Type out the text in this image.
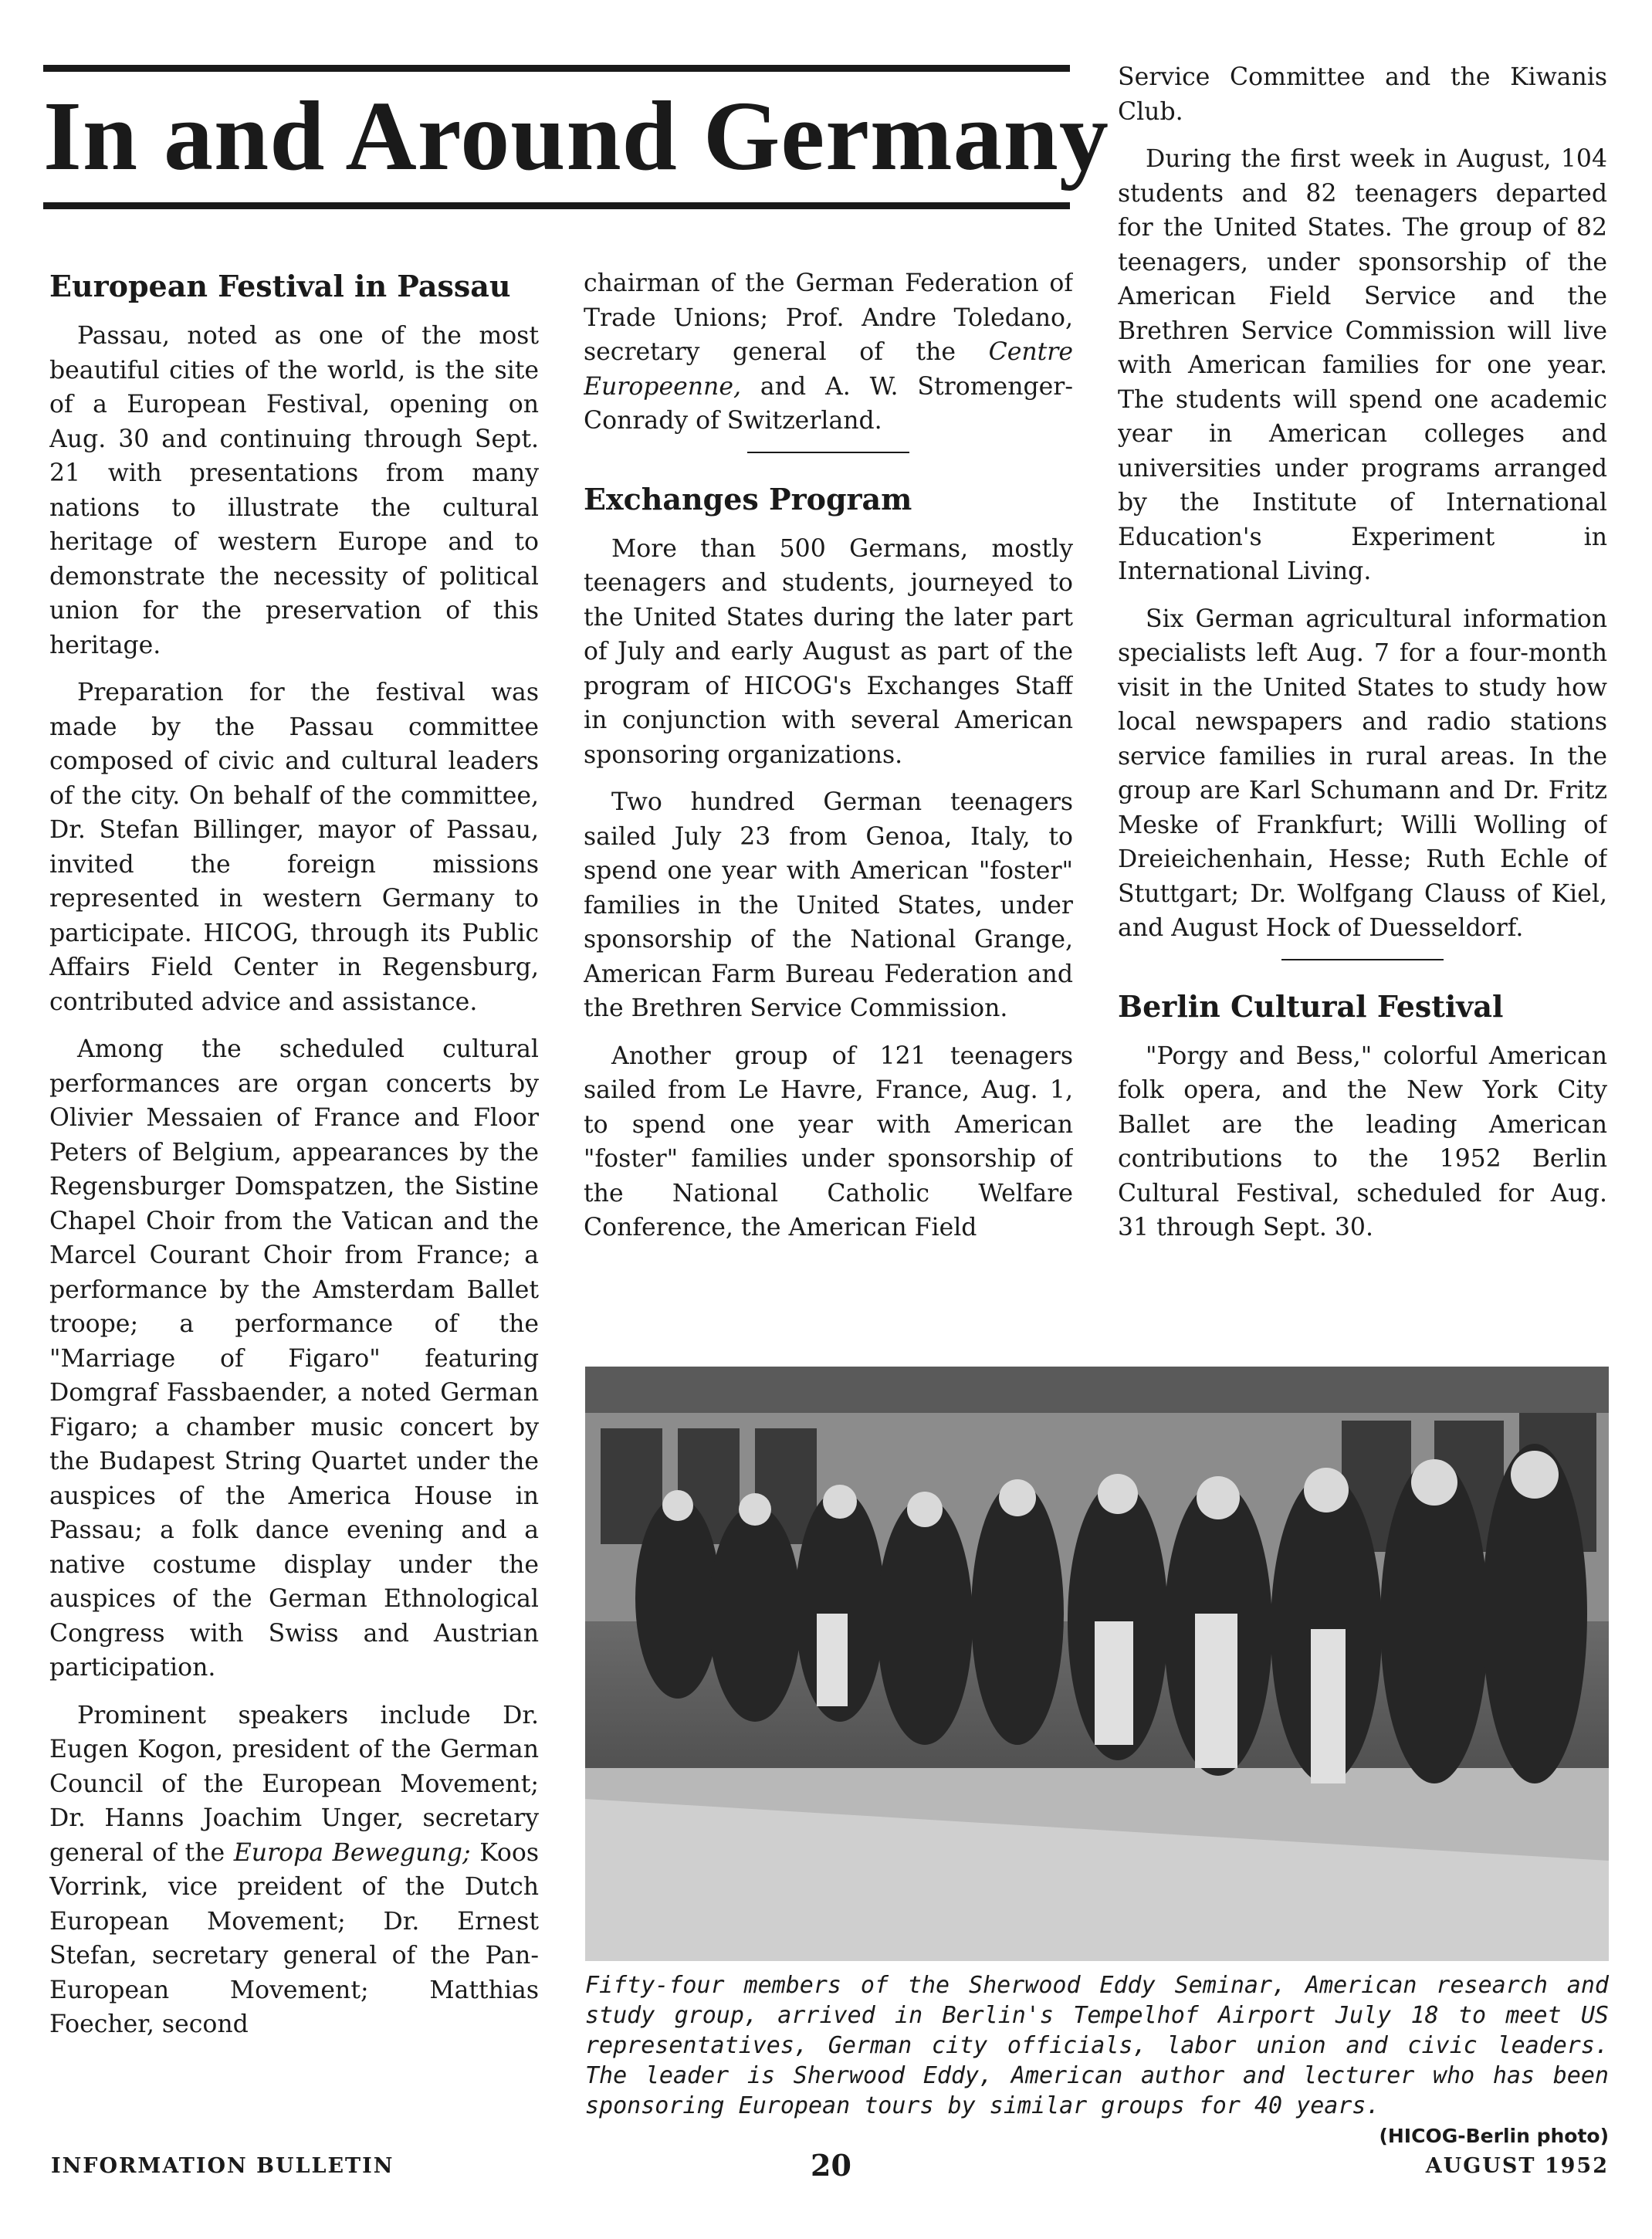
In and Around Germany
European Festival in Passau

Passau, noted as one of the most beautiful cities of the world, is the site of a European Festival, opening on Aug. 30 and continuing through Sept. 21 with presentations from many nations to illustrate the cultural heritage of western Europe and to demonstrate the necessity of political union for the preservation of this heritage.

Preparation for the festival was made by the Passau committee composed of civic and cultural leaders of the city. On behalf of the committee, Dr. Stefan Billinger, mayor of Passau, invited the foreign missions represented in western Germany to participate. HICOG, through its Public Affairs Field Center in Regensburg, contributed advice and assistance.

Among the scheduled cultural performances are organ concerts by Olivier Messaien of France and Floor Peters of Belgium, appearances by the Regensburger Domspatzen, the Sistine Chapel Choir from the Vatican and the Marcel Courant Choir from France; a performance by the Amsterdam Ballet troope; a performance of the "Marriage of Figaro" featuring Domgraf Fassbaender, a noted German Figaro; a chamber music concert by the Budapest String Quartet under the auspices of the America House in Passau; a folk dance evening and a native costume display under the auspices of the German Ethnological Congress with Swiss and Austrian participation.

Prominent speakers include Dr. Eugen Kogon, president of the German Council of the European Movement; Dr. Hanns Joachim Unger, secretary general of the Europa Bewegung; Koos Vorrink, vice preident of the Dutch European Movement; Dr. Ernest Stefan, secretary general of the Pan-European Movement; Matthias Foecher, second

chairman of the German Federation of Trade Unions; Prof. Andre Toledano, secretary general of the Centre Europeenne, and A. W. Stromenger-Conrady of Switzerland.

Exchanges Program

More than 500 Germans, mostly teenagers and students, journeyed to the United States during the later part of July and early August as part of the program of HICOG's Exchanges Staff in conjunction with several American sponsoring organizations.

Two hundred German teenagers sailed July 23 from Genoa, Italy, to spend one year with American "foster" families in the United States, under sponsorship of the National Grange, American Farm Bureau Federation and the Brethren Service Commission.

Another group of 121 teenagers sailed from Le Havre, France, Aug. 1, to spend one year with American "foster" families under sponsorship of the National Catholic Welfare Conference, the American Field

Service Committee and the Kiwanis Club.

During the first week in August, 104 students and 82 teenagers departed for the United States. The group of 82 teenagers, under sponsorship of the American Field Service and the Brethren Service Commission will live with American families for one year. The students will spend one academic year in American colleges and universities under programs arranged by the Institute of International Education's Experiment in International Living.

Six German agricultural information specialists left Aug. 7 for a four-month visit in the United States to study how local newspapers and radio stations service families in rural areas. In the group are Karl Schumann and Dr. Fritz Meske of Frankfurt; Willi Wolling of Dreieichenhain, Hesse; Ruth Echle of Stuttgart; Dr. Wolfgang Clauss of Kiel, and August Hock of Duesseldorf.

Berlin Cultural Festival

"Porgy and Bess," colorful American folk opera, and the New York City Ballet are the leading American contributions to the 1952 Berlin Cultural Festival, scheduled for Aug. 31 through Sept. 30.

Fifty-four members of the Sherwood Eddy Seminar, American research and study group, arrived in Berlin's Tempelhof Airport July 18 to meet US representatives, German city officials, labor union and civic leaders. The leader is Sherwood Eddy, American author and lecturer who has been sponsoring European tours by similar groups for 40 years.
(HICOG-Berlin photo)

INFORMATION BULLETIN	20	AUGUST 1952
